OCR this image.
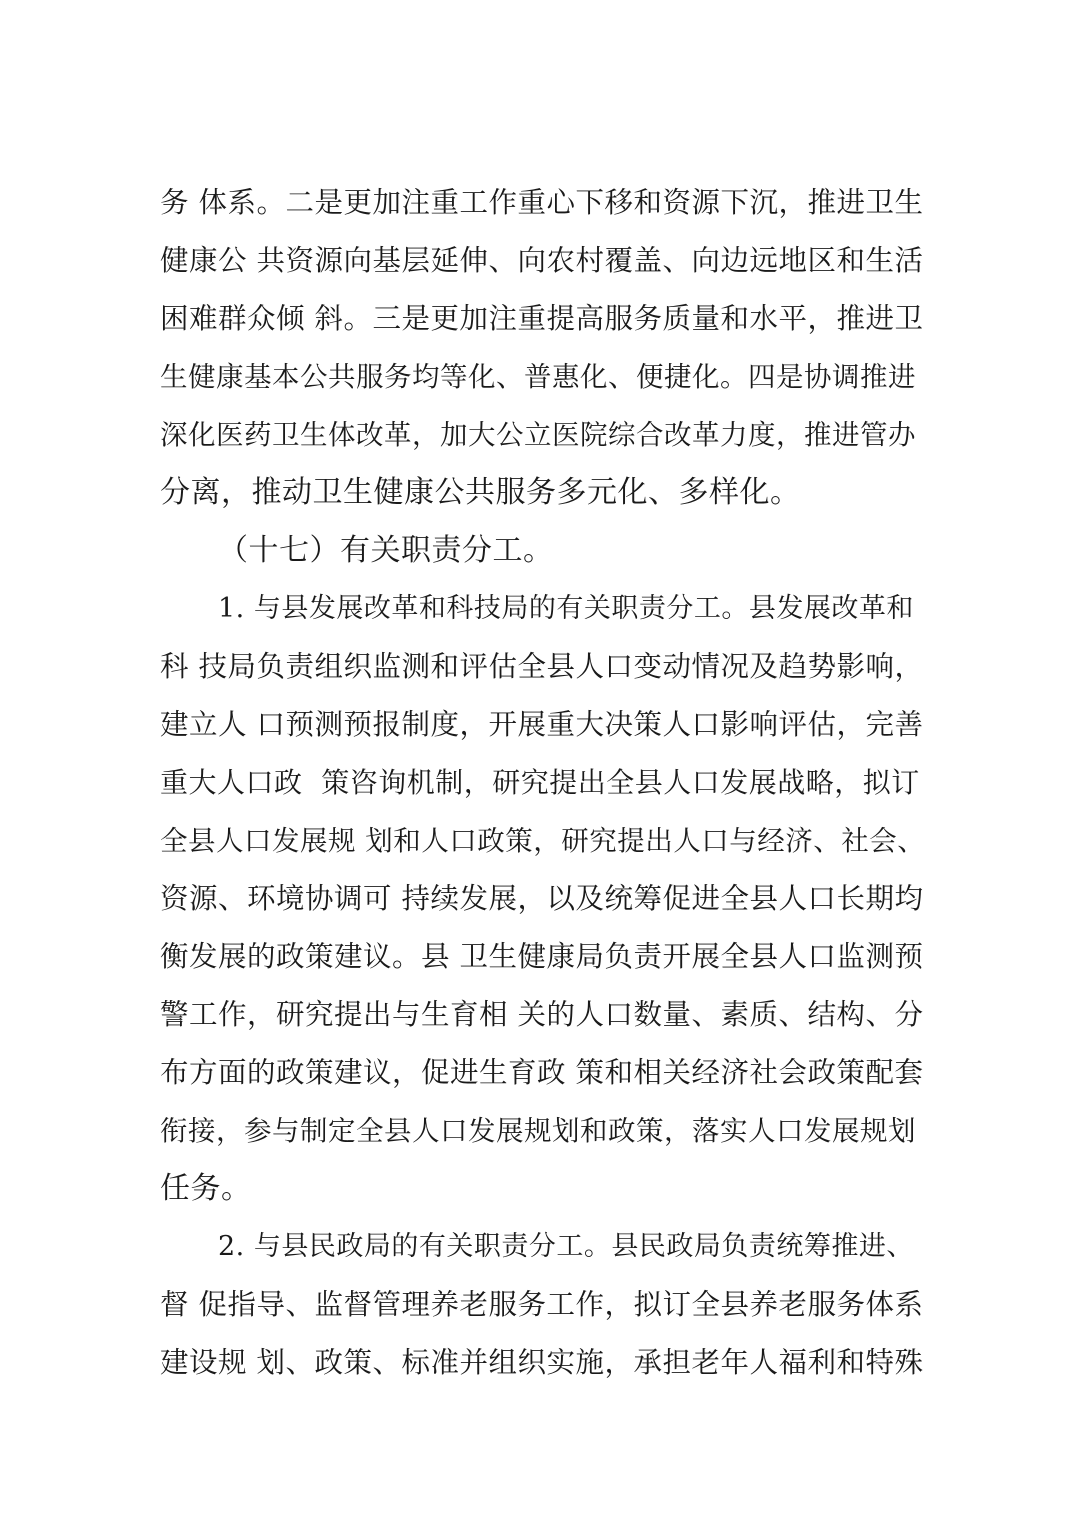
务 体系。二是更加注重工作重心下移和资源下沉，推进卫生
健康公 共资源向基层延伸、向农村覆盖、向边远地区和生活
困难群众倾 斜。三是更加注重提高服务质量和水平，推进卫
生健康基本公共服务均等化、普惠化、便捷化。四是协调推进
深化医药卫生体改革，加大公立医院综合改革力度，推进管办
分离，推动卫生健康公共服务多元化、多样化。
（十七）有关职责分工。
1. 与县发展改革和科技局的有关职责分工。县发展改革和
科 技局负责组织监测和评估全县人口变动情况及趋势影响，
建立人 口预测预报制度，开展重大决策人口影响评估，完善
重大人口政  策咨询机制，研究提出全县人口发展战略，拟订
全县人口发展规 划和人口政策，研究提出人口与经济、社会、
资源、环境协调可 持续发展，以及统筹促进全县人口长期均
衡发展的政策建议。县 卫生健康局负责开展全县人口监测预
警工作，研究提出与生育相 关的人口数量、素质、结构、分
布方面的政策建议，促进生育政 策和相关经济社会政策配套
衔接，参与制定全县人口发展规划和政策，落实人口发展规划
任务。
2. 与县民政局的有关职责分工。县民政局负责统筹推进、
督 促指导、监督管理养老服务工作，拟订全县养老服务体系
建设规 划、政策、标准并组织实施，承担老年人福利和特殊
